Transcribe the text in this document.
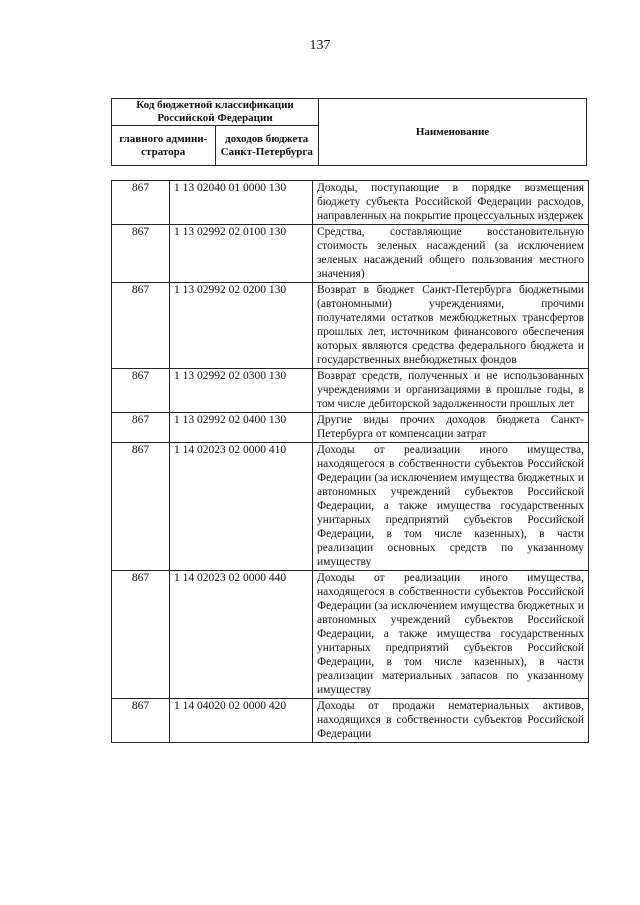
137
Код бюджетной классификации Российской Федерации		Наименование
главного админи-стратора	доходов бюджета Санкт-Петербурга	
867	1 13 02040 01 0000 130	Доходы, поступающие в порядке возмещения бюджету субъекта Российской Федерации расходов, направленных на покрытие процессуальных издержек
867	1 13 02992 02 0100 130	Средства, составляющие восстановительную стоимость зеленых насаждений (за исключением зеленых насаждений общего пользования местного значения)
867	1 13 02992 02 0200 130	Возврат в бюджет Санкт-Петербурга бюджетными (автономными) учреждениями, прочими получателями остатков межбюджетных трансфертов прошлых лет, источником финансового обеспечения которых являются средства федерального бюджета и государственных внебюджетных фондов
867	1 13 02992 02 0300 130	Возврат средств, полученных и не использованных учреждениями и организациями в прошлые годы, в том числе дебиторской задолженности прошлых лет
867	1 13 02992 02 0400 130	Другие виды прочих доходов бюджета Санкт-Петербурга от компенсации затрат
867	1 14 02023 02 0000 410	Доходы от реализации иного имущества, находящегося в собственности субъектов Российской Федерации (за исключением имущества бюджетных и автономных учреждений субъектов Российской Федерации, а также имущества государственных унитарных предприятий субъектов Российской Федерации, в том числе казенных), в части реализации основных средств по указанному имуществу
867	1 14 02023 02 0000 440	Доходы от реализации иного имущества, находящегося в собственности субъектов Российской Федерации (за исключением имущества бюджетных и автономных учреждений субъектов Российской Федерации, а также имущества государственных унитарных предприятий субъектов Российской Федерации, в том числе казенных), в части реализации материальных запасов по указанному имуществу
867	1 14 04020 02 0000 420	Доходы от продажи нематериальных активов, находящихся в собственности субъектов Российской Федерации
